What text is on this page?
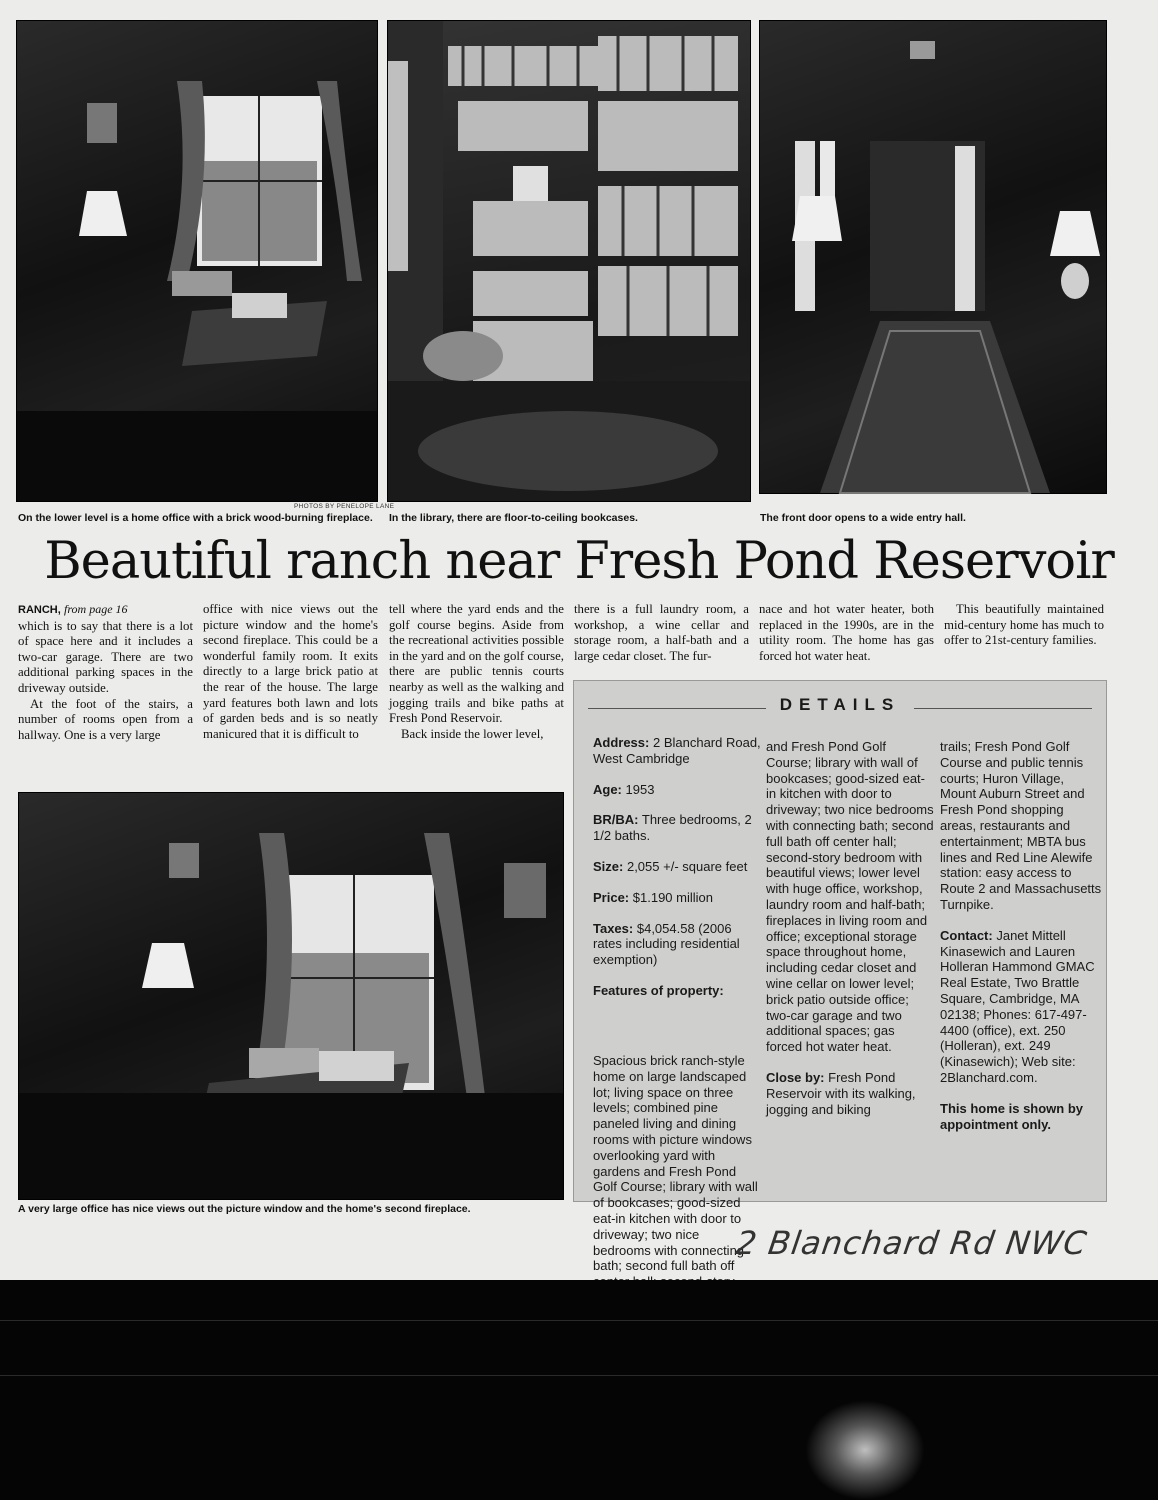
PHOTOS BY PENELOPE LANE
On the lower level is a home office with a brick wood-burning fireplace. In the library, there are floor-to-ceiling bookcases.	The front door opens to a wide entry hall.
Beautiful ranch near Fresh Pond Reservoir
RANCH, from page 16

which is to say that there is a lot of space here and it includes a two-car garage. There are two additional parking spaces in the driveway outside.

At the foot of the stairs, a number of rooms open from a hallway. One is a very large

office with nice views out the picture window and the home's second fireplace. This could be a wonderful family room. It exits directly to a large brick patio at the rear of the house. The large yard features both lawn and lots of garden beds and is so neatly manicured that it is difficult to

tell where the yard ends and the golf course begins. Aside from the recreational activities possible in the yard and on the golf course, there are public tennis courts nearby as well as the walking and jogging trails and bike paths at Fresh Pond Reservoir.

Back inside the lower level,

there is a full laundry room, a workshop, a wine cellar and storage room, a half-bath and a large cedar closet. The fur-

nace and hot water heater, both replaced in the 1990s, are in the utility room. The home has gas forced hot water heat.

This beautifully maintained mid-century home has much to offer to 21st-century families.

A very large office has nice views out the picture window and the home's second fireplace.
DETAILS

Address: 2 Blanchard Road, West Cambridge

Age: 1953

BR/BA: Three bedrooms, 2 1/2 baths.

Size: 2,055 +/- square feet

Price: $1.190 million

Taxes: $4,054.58 (2006 rates including residential exemption)

Features of property:

Spacious brick ranch-style home on large landscaped lot; living space on three levels; combined pine paneled living and dining rooms with picture windows overlooking yard with gardens and Fresh Pond Golf Course; library with wall of bookcases; good-sized eat-in kitchen with door to driveway; two nice bedrooms with connecting bath; second full bath off

and Fresh Pond Golf Course; library with wall of bookcases; good-sized eat-in kitchen with door to driveway; two nice bedrooms with connecting bath; second full bath off center hall; second-story bedroom with beautiful views; lower level with huge office, workshop, laundry room and half-bath; fireplaces in living room and office; exceptional storage space throughout home, including cedar closet and wine cellar on lower level; brick patio outside office; two-car garage and two additional spaces; gas forced hot water heat.

Close by: Fresh Pond Reservoir with its walking, jogging and biking

trails; Fresh Pond Golf Course and public tennis courts; Huron Village, Mount Auburn Street and Fresh Pond shopping areas, restaurants and entertainment; MBTA bus lines and Red Line Alewife station: easy access to Route 2 and Massachusetts Turnpike.

Contact: Janet Mittell Kinasewich and Lauren Holleran Hammond GMAC Real Estate, Two Brattle Square, Cambridge, MA 02138; Phones: 617-497-4400 (office), ext. 250 (Holleran), ext. 249 (Kinasewich); Web site: 2Blanchard.com.

This home is shown by appointment only.

2 Blanchard Rd NWC
